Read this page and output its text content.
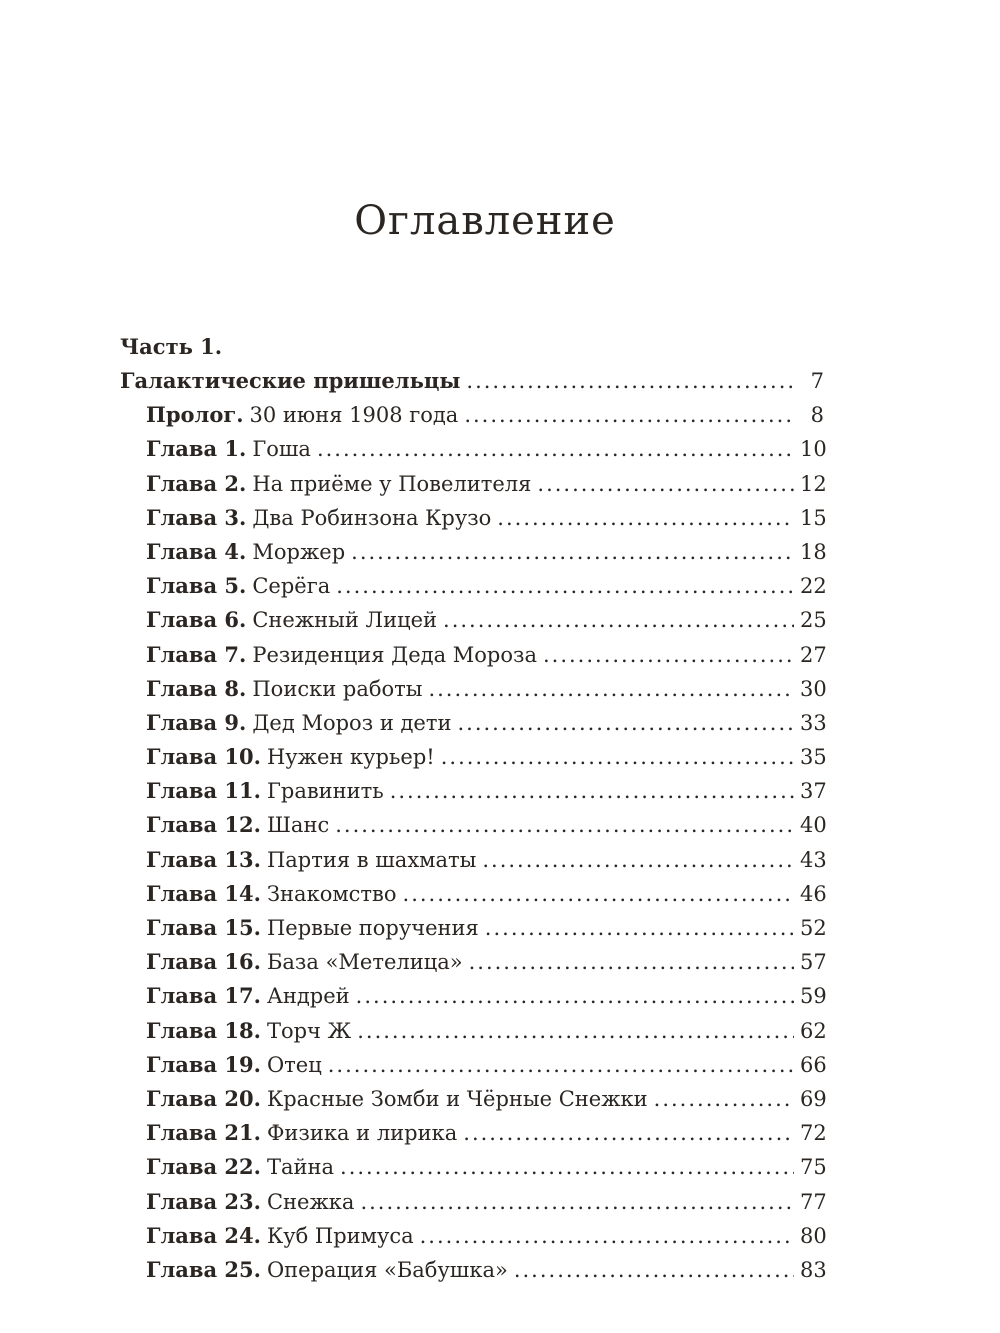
Оглавление
Часть 1.
Галактические пришельцы .....	7
Пролог. 30 июня 1908 года .....	8
Глава 1. Гоша .....	10
Глава 2. На приёме у Повелителя .....	12
Глава 3. Два Робинзона Крузо .....	15
Глава 4. Моржер .....	18
Глава 5. Серёга .....	22
Глава 6. Снежный Лицей .....	25
Глава 7. Резиденция Деда Мороза .....	27
Глава 8. Поиски работы .....	30
Глава 9. Дед Мороз и дети .....	33
Глава 10. Нужен курьер! .....	35
Глава 11. Гравинить .....	37
Глава 12. Шанс .....	40
Глава 13. Партия в шахматы .....	43
Глава 14. Знакомство .....	46
Глава 15. Первые поручения .....	52
Глава 16. База «Метелица» .....	57
Глава 17. Андрей .....	59
Глава 18. Торч Ж .....	62
Глава 19. Отец .....	66
Глава 20. Красные Зомби и Чёрные Снежки .....	69
Глава 21. Физика и лирика .....	72
Глава 22. Тайна .....	75
Глава 23. Снежка .....	77
Глава 24. Куб Примуса .....	80
Глава 25. Операция «Бабушка» .....	83
